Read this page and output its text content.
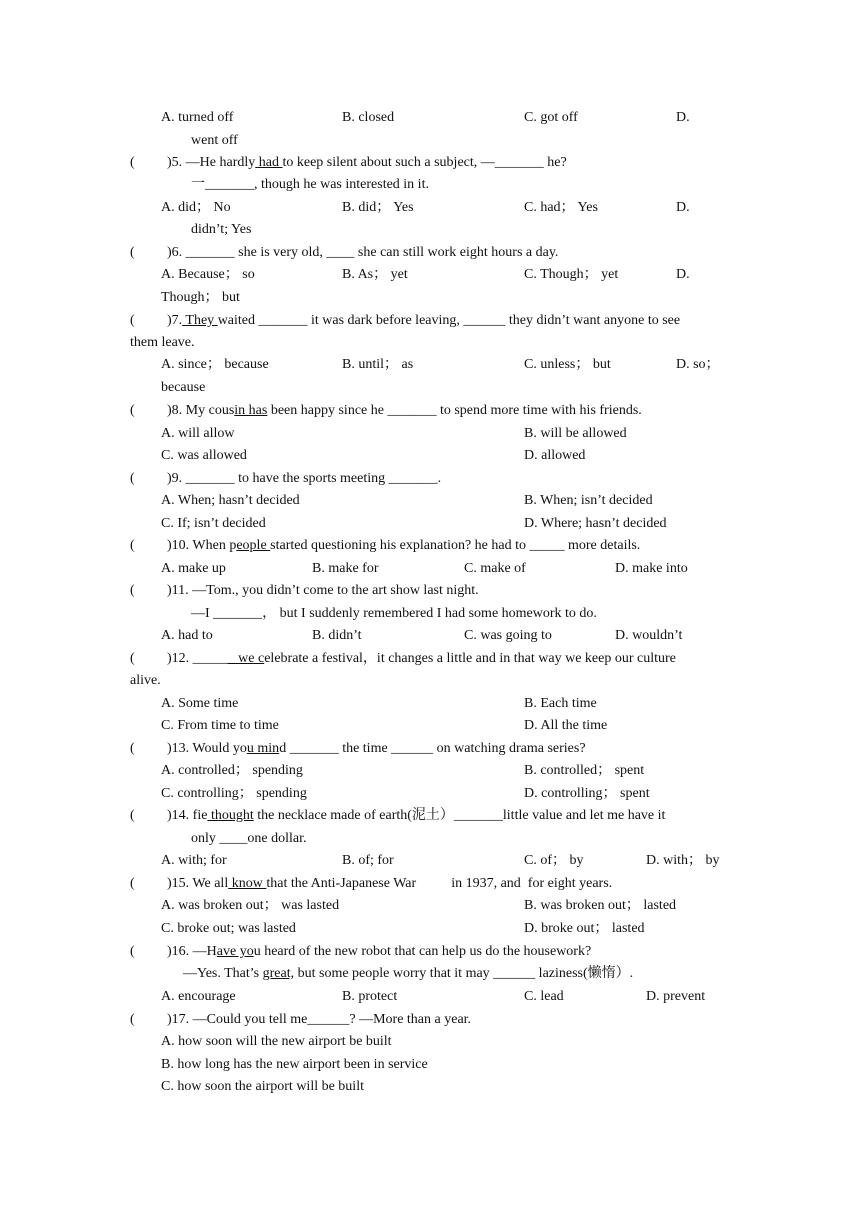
A. turned off	B. closed	C. got off	D.
went off
( )5. —He hardly had to keep silent about such a subject, —_______ he?
一_______, though he was interested in it.
A. did； No	B. did； Yes	C. had； Yes	D.
didn’t; Yes
( )6. _______ she is very old, ____ she can still work eight hours a day.
A. Because； so	B. As； yet	C. Though； yet	D.
Though； but
( )7. They waited _______ it was dark before leaving, ______ they didn’t want anyone to see
them leave.
A. since； because	B. until； as	C. unless； but	D. so；
because
( )8. My cousin has been happy since he _______ to spend more time with his friends.
A. will allow	B. will be allowed
C. was allowed	D. allowed
( )9. _______ to have the sports meeting _______.
A. When; hasn’t decided	B. When; isn’t decided
C. If; isn’t decided	D. Where; hasn’t decided
( )10. When people started questioning his explanation? he had to _____ more details.
A. make up	B. make for	C. make of	D. make into
( )11. —Tom., you didn’t come to the art show last night.
—I _______， but I suddenly remembered I had some homework to do.
A. had to	B. didn’t	C. was going to	D. wouldn’t
( )12. ______ we celebrate a festival，it changes a little and in that way we keep our culture
alive.
A. Some time	B. Each time
C. From time to time	D. All the time
( )13. Would you mind _______ the time ______ on watching drama series?
A. controlled； spending	B. controlled； spent
C. controlling； spending	D. controlling； spent
( )14. fie thought the necklace made of earth(泥土）_______little value and let me have it
only ____one dollar.
A. with; for	B. of; for	C. of； by	D. with； by
( )15. We all know that the Anti-Japanese War          in 1937, and  for eight years.
A. was broken out； was lasted	B. was broken out； lasted
C. broke out; was lasted	D. broke out； lasted
( )16. —Have you heard of the new robot that can help us do the housework?
—Yes. That’s great, but some people worry that it may ______ laziness(懒惰）.
A. encourage	B. protect	C. lead	D. prevent
( )17. —Could you tell me______? —More than a year.
A. how soon will the new airport be built
B. how long has the new airport been in service
C. how soon the airport will be built
